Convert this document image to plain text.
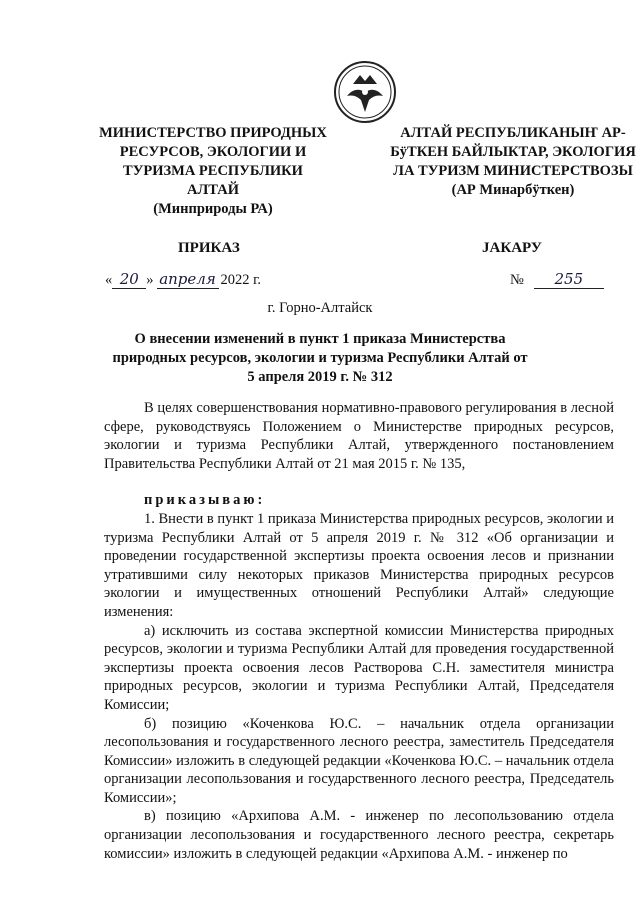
МИНИСТЕРСТВО ПРИРОДНЫХ РЕСУРСОВ, ЭКОЛОГИИ И ТУРИЗМА РЕСПУБЛИКИ АЛТАЙ
(Минприроды РА)
АЛТАЙ РЕСПУБЛИКАНЫҤ АР-БÿТКЕН БАЙЛЫКТАР, ЭКОЛОГИЯ ЛА ТУРИЗМ МИНИСТЕРСТВОЗЫ
(АР Минарбÿткен)
ПРИКАЗ	JАКАРУ
« 20 » апреля 2022 г.	№	255
г. Горно-Алтайск
О внесении изменений в пункт 1 приказа Министерства природных ресурсов, экологии и туризма Республики Алтай от 5 апреля 2019 г. № 312

В целях совершенствования нормативно-правового регулирования в лесной сфере, руководствуясь Положением о Министерстве природных ресурсов, экологии и туризма Республики Алтай, утвержденного постановлением Правительства Республики Алтай от 21 мая 2015 г. № 135,

приказываю:

1. Внести в пункт 1 приказа Министерства природных ресурсов, экологии и туризма Республики Алтай от 5 апреля 2019 г. № 312 «Об организации и проведении государственной экспертизы проекта освоения лесов и признании утратившими силу некоторых приказов Министерства природных ресурсов экологии и имущественных отношений Республики Алтай» следующие изменения:

а) исключить из состава экспертной комиссии Министерства природных ресурсов, экологии и туризма Республики Алтай для проведения государственной экспертизы проекта освоения лесов Растворова С.Н. заместителя министра природных ресурсов, экологии и туризма Республики Алтай, Председателя Комиссии;

б) позицию «Коченкова Ю.С. – начальник отдела организации лесопользования и государственного лесного реестра, заместитель Председателя Комиссии» изложить в следующей редакции «Коченкова Ю.С. – начальник отдела организации лесопользования и государственного лесного реестра, Председатель Комиссии»;

в) позицию «Архипова А.М. - инженер по лесопользованию отдела организации лесопользования и государственного лесного реестра, секретарь комиссии» изложить в следующей редакции «Архипова А.М. - инженер по
